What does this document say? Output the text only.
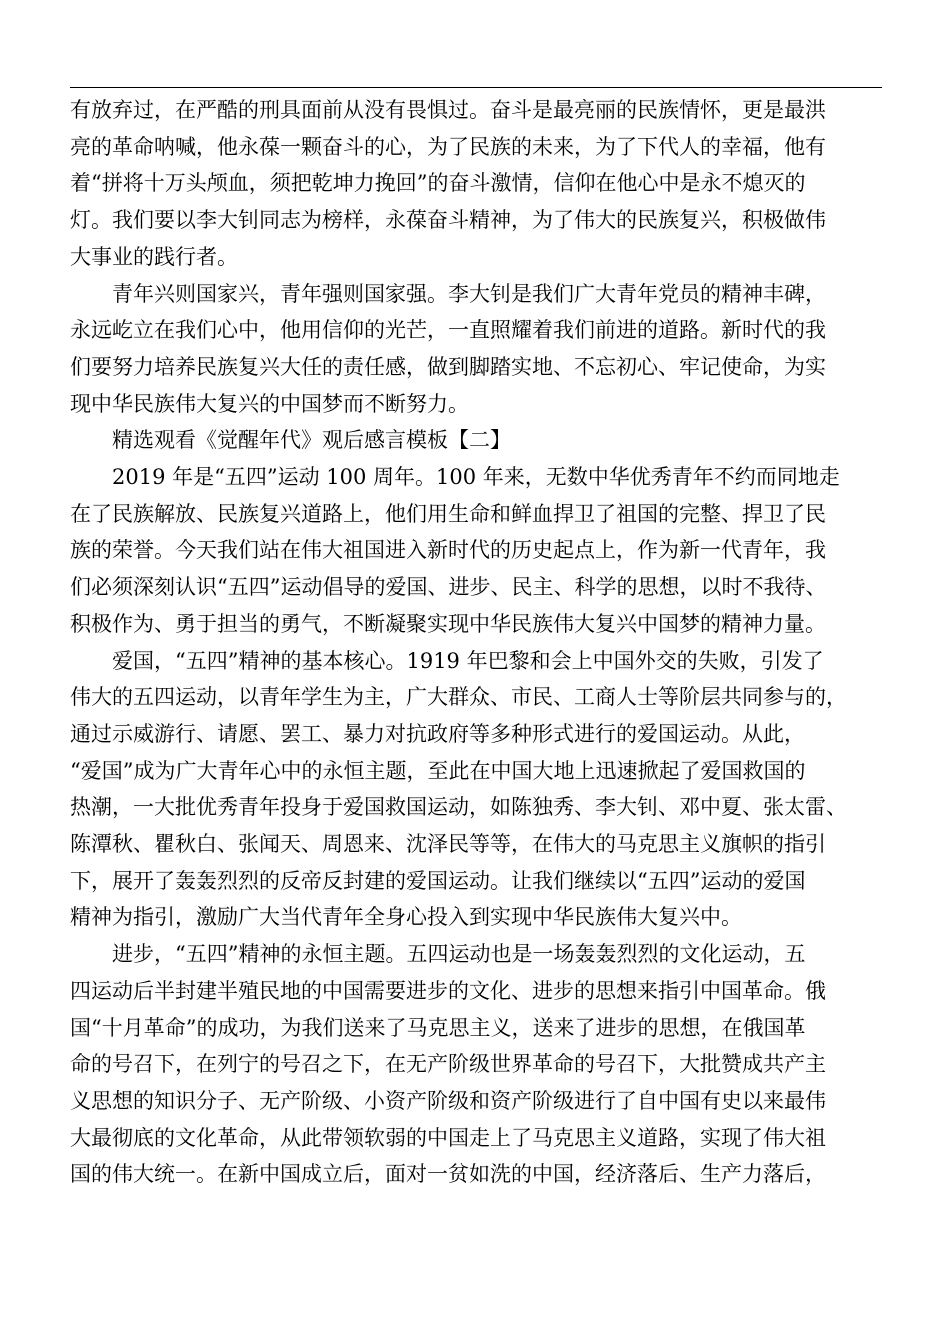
有放弃过，在严酷的刑具面前从没有畏惧过。奋斗是最亮丽的民族情怀，更是最洪

亮的革命呐喊，他永葆一颗奋斗的心，为了民族的未来，为了下代人的幸福，他有

着“拼将十万头颅血，须把乾坤力挽回”的奋斗激情，信仰在他心中是永不熄灭的

灯。我们要以李大钊同志为榜样，永葆奋斗精神，为了伟大的民族复兴，积极做伟

大事业的践行者。

　　青年兴则国家兴，青年强则国家强。李大钊是我们广大青年党员的精神丰碑，

永远屹立在我们心中，他用信仰的光芒，一直照耀着我们前进的道路。新时代的我

们要努力培养民族复兴大任的责任感，做到脚踏实地、不忘初心、牢记使命，为实

现中华民族伟大复兴的中国梦而不断努力。

　　精选观看《觉醒年代》观后感言模板【二】

　　2019 年是“五四”运动 100 周年。100 年来，无数中华优秀青年不约而同地走

在了民族解放、民族复兴道路上，他们用生命和鲜血捍卫了祖国的完整、捍卫了民

族的荣誉。今天我们站在伟大祖国进入新时代的历史起点上，作为新一代青年，我

们必须深刻认识“五四”运动倡导的爱国、进步、民主、科学的思想，以时不我待、

积极作为、勇于担当的勇气，不断凝聚实现中华民族伟大复兴中国梦的精神力量。

　　爱国，“五四”精神的基本核心。1919 年巴黎和会上中国外交的失败，引发了

伟大的五四运动，以青年学生为主，广大群众、市民、工商人士等阶层共同参与的，

通过示威游行、请愿、罢工、暴力对抗政府等多种形式进行的爱国运动。从此，

“爱国”成为广大青年心中的永恒主题，至此在中国大地上迅速掀起了爱国救国的

热潮，一大批优秀青年投身于爱国救国运动，如陈独秀、李大钊、邓中夏、张太雷、

陈潭秋、瞿秋白、张闻天、周恩来、沈泽民等等，在伟大的马克思主义旗帜的指引

下，展开了轰轰烈烈的反帝反封建的爱国运动。让我们继续以“五四”运动的爱国

精神为指引，激励广大当代青年全身心投入到实现中华民族伟大复兴中。

　　进步，“五四”精神的永恒主题。五四运动也是一场轰轰烈烈的文化运动，五

四运动后半封建半殖民地的中国需要进步的文化、进步的思想来指引中国革命。俄

国“十月革命”的成功，为我们送来了马克思主义，送来了进步的思想，在俄国革

命的号召下，在列宁的号召之下，在无产阶级世界革命的号召下，大批赞成共产主

义思想的知识分子、无产阶级、小资产阶级和资产阶级进行了自中国有史以来最伟

大最彻底的文化革命，从此带领软弱的中国走上了马克思主义道路，实现了伟大祖

国的伟大统一。在新中国成立后，面对一贫如洗的中国，经济落后、生产力落后，
